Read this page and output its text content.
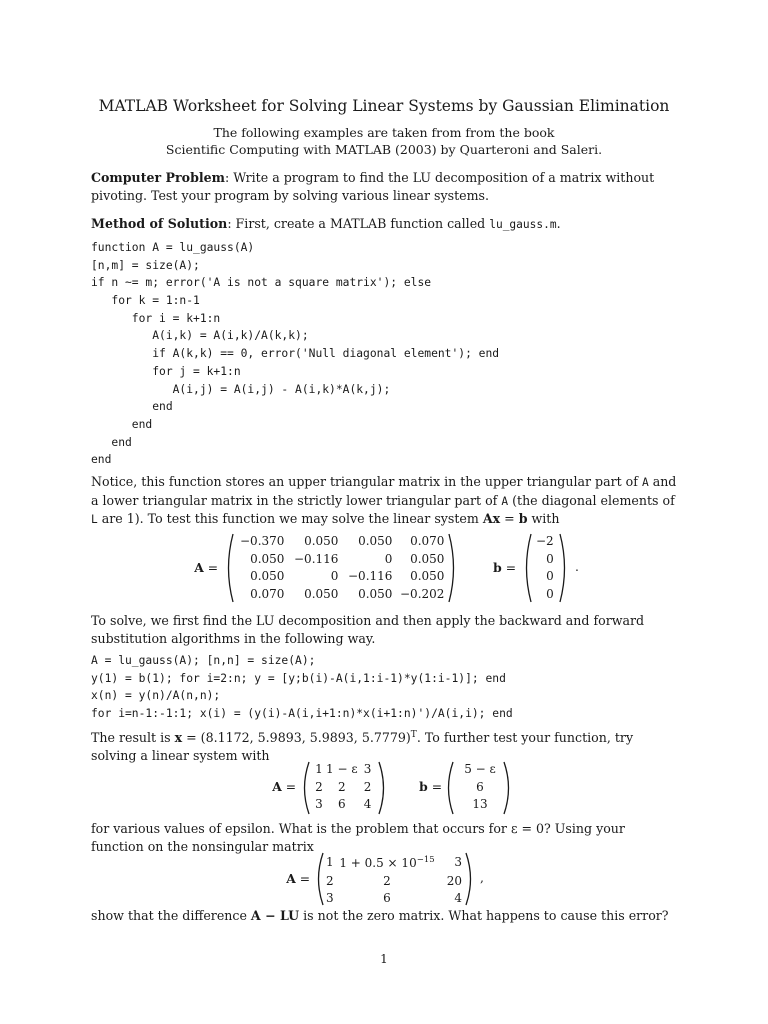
MATLAB Worksheet for Solving Linear Systems by Gaussian Elimination
The following examples are taken from from the book
Scientific Computing with MATLAB (2003) by Quarteroni and Saleri.
Computer Problem: Write a program to find the LU decomposition of a matrix without pivoting. Test your program by solving various linear systems.
Method of Solution: First, create a MATLAB function called lu_gauss.m.
function A = lu_gauss(A)
[n,m] = size(A);
if n ~= m; error('A is not a square matrix'); else
for k = 1:n-1
for i = k+1:n
A(i,k) = A(i,k)/A(k,k);
if A(k,k) == 0, error('Null diagonal element'); end
for j = k+1:n
A(i,j) = A(i,j) - A(i,k)*A(k,j);
end
end
end
end
Notice, this function stores an upper triangular matrix in the upper triangular part of A and a lower triangular matrix in the strictly lower triangular part of A (the diagonal elements of L are 1). To test this function we may solve the linear system Ax = b with
A =
−0.370	0.050	0.050	0.070
0.050	−0.116	0	0.050
0.050	0	−0.116	0.050
0.070	0.050	0.050	−0.202
b =
−2
0
0
0
.
To solve, we first find the LU decomposition and then apply the backward and forward substitution algorithms in the following way.
A = lu_gauss(A); [n,n] = size(A);
y(1) = b(1); for i=2:n; y = [y;b(i)-A(i,1:i-1)*y(1:i-1)]; end
x(n) = y(n)/A(n,n);
for i=n-1:-1:1; x(i) = (y(i)-A(i,i+1:n)*x(i+1:n)')/A(i,i); end
The result is x = (8.1172, 5.9893, 5.9893, 5.7779)$^T$. To further test your function, try solving a linear system with
A =
1	1 − ε	3
2	2	2
3	6	4
b =
5 − ε
6
13
for various values of epsilon. What is the problem that occurs for ε = 0? Using your function on the nonsingular matrix
A =
1	$1 + 0.5 \times 10^{-15}$	3
2	2	20
3	6	4
,
show that the difference A − LU is not the zero matrix. What happens to cause this error?
1
